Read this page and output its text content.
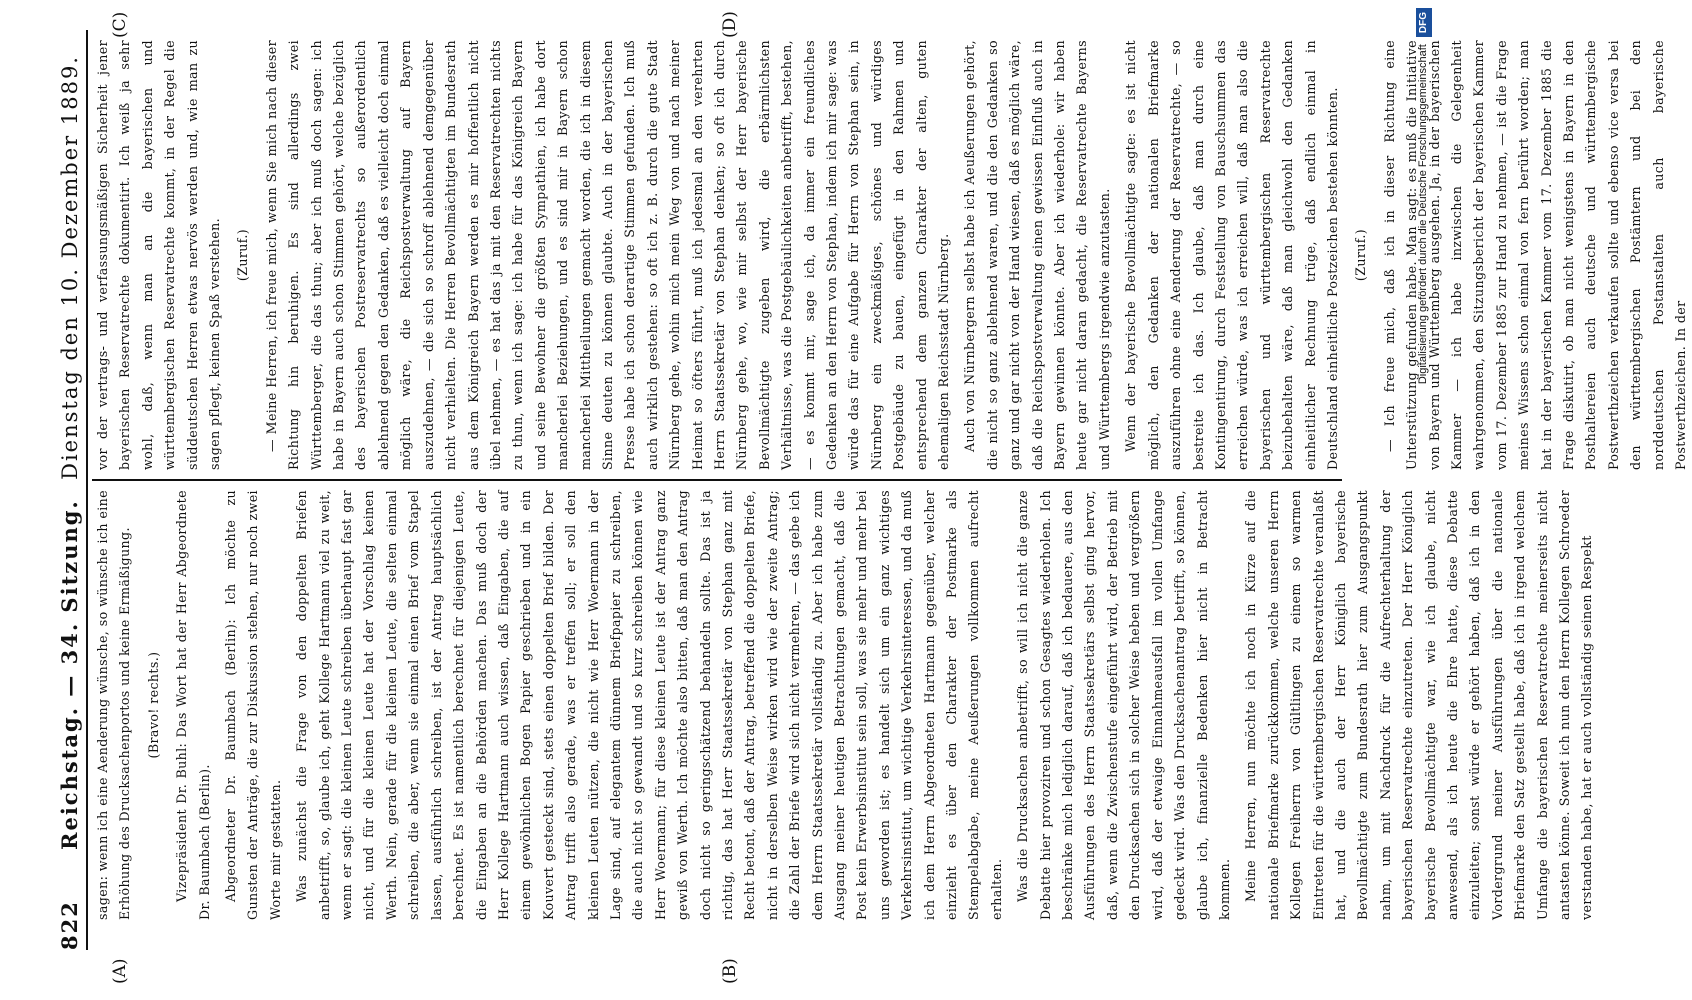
822
Reichstag. — 34. Sitzung.
Dienstag den 10. Dezember 1889.
(A)	(B)
(C)	(D)

sagen: wenn ich eine Aenderung wünsche, so wünsche ich eine Erhöhung des Drucksachenportos und keine Ermäßigung.	(Bravo! rechts.)	Vizepräsident Dr. Buhl: Das Wort hat der Herr Abgeordnete Dr. Baumbach (Berlin). Abgeordneter Dr. Baumbach (Berlin): Ich möchte zu Gunsten der Anträge, die zur Diskussion stehen, nur noch zwei Worte mir gestatten. Was zunächst die Frage von den doppelten Briefen anbetrifft, so, glaube ich, geht Kollege Hartmann viel zu weit, wenn er sagt: die kleinen Leute schreiben überhaupt fast gar nicht, und für die kleinen Leute hat der Vorschlag keinen Werth. Nein, gerade für die kleinen Leute, die selten einmal schreiben, die aber, wenn sie einmal einen Brief vom Stapel lassen, ausführlich schreiben, ist der Antrag hauptsächlich berechnet. Es ist namentlich berechnet für diejenigen Leute, die Eingaben an die Behörden machen. Das muß doch der Herr Kollege Hartmann auch wissen, daß Eingaben, die auf einem gewöhnlichen Bogen Papier geschrieben und in ein Kouvert gesteckt sind, stets einen doppelten Brief bilden. Der Antrag trifft also gerade, was er treffen soll; er soll den kleinen Leuten nützen, die nicht wie Herr Woermann in der Lage sind, auf elegantem dünnem Briefpapier zu schreiben, die auch nicht so gewandt und so kurz schreiben können wie Herr Woermann; für diese kleinen Leute ist der Antrag ganz gewiß von Werth. Ich möchte also bitten, daß man den Antrag doch nicht so geringschätzend behandeln sollte. Das ist ja richtig, das hat Herr Staatssekretär von Stephan ganz mit Recht betont, daß der Antrag, betreffend die doppelten Briefe, nicht in derselben Weise wirken wird wie der zweite Antrag; die Zahl der Briefe wird sich nicht vermehren, — das gebe ich dem Herrn Staatssekretär vollständig zu. Aber ich habe zum Ausgang meiner heutigen Betrachtungen gemacht, daß die Post kein Erwerbsinstitut sein soll, was sie mehr und mehr bei uns geworden ist; es handelt sich um ein ganz wichtiges Verkehrsinstitut, um wichtige Verkehrsinteressen, und da muß ich dem Herrn Abgeordneten Hartmann gegenüber, welcher einzieht es über den Charakter der Postmarke als Stempelabgabe, meine Aeußerungen vollkommen aufrecht erhalten. Was die Drucksachen anbetrifft, so will ich nicht die ganze Debatte hier provoziren und schon Gesagtes wiederholen. Ich beschränke mich lediglich darauf, daß ich bedauere, aus den Ausführungen des Herrn Staatssekretärs selbst ging hervor, daß, wenn die Zwischenstufe eingeführt wird, der Betrieb mit den Drucksachen sich in solcher Weise heben und vergrößern wird, daß der etwaige Einnahmeausfall im vollen Umfange gedeckt wird. Was den Drucksachenantrag betrifft, so können, glaube ich, finanzielle Bedenken hier nicht in Betracht kommen. Meine Herren, nun möchte ich noch in Kürze auf die nationale Briefmarke zurückkommen, welche unseren Herrn Kollegen Freiherrn von Gültlingen zu einem so warmen Eintreten für die württembergischen Reservatrechte veranlaßt hat, und die auch der Herr Königlich bayerische Bevollmächtigte zum Bundesrath hier zum Ausgangspunkt nahm, um mit Nachdruck für die Aufrechterhaltung der bayerischen Reservatrechte einzutreten. Der Herr Königlich bayerische Bevollmächtigte war, wie ich glaube, nicht anwesend, als ich heute die Ehre hatte, diese Debatte einzuleiten; sonst würde er gehört haben, daß ich in den Vordergrund meiner Ausführungen über die nationale Briefmarke den Satz gestellt habe, daß ich in irgend welchem Umfange die bayerischen Reservatrechte meinerseits nicht antasten könne. Soweit ich nun den Herrn Kollegen Schroeder verstanden habe, hat er auch vollständig seinen Respekt

vor der vertrags- und verfassungsmäßigen Sicherheit jener bayerischen Reservatrechte dokumentirt. Ich weiß ja sehr wohl, daß, wenn man an die bayerischen und württembergischen Reservatrechte kommt, in der Regel die süddeutschen Herren etwas nervös werden und, wie man zu sagen pflegt, keinen Spaß verstehen.	(Zuruf.)	— Meine Herren, ich freue mich, wenn Sie mich nach dieser Richtung hin beruhigen. Es sind allerdings zwei Württemberger, die das thun; aber ich muß doch sagen: ich habe in Bayern auch schon Stimmen gehört, welche bezüglich des bayerischen Postreservatrechts so außerordentlich ablehnend gegen den Gedanken, daß es vielleicht doch einmal möglich wäre, die Reichspostverwaltung auf Bayern auszudehnen, — die sich so schroff ablehnend demgegenüber nicht verhielten. Die Herren Bevollmächtigten im Bundesrath aus dem Königreich Bayern werden es mir hoffentlich nicht übel nehmen, — es hat das ja mit den Reservatrechten nichts zu thun, wenn ich sage: ich habe für das Königreich Bayern und seine Bewohner die größten Sympathien, ich habe dort mancherlei Beziehungen, und es sind mir in Bayern schon mancherlei Mittheilungen gemacht worden, die ich in diesem Sinne deuten zu können glaubte. Auch in der bayerischen Presse habe ich schon derartige Stimmen gefunden. Ich muß auch wirklich gestehen: so oft ich z. B. durch die gute Stadt Nürnberg gehe, wohin mich mein Weg von und nach meiner Heimat so öfters führt, muß ich jedesmal an den verehrten Herrn Staatssekretär von Stephan denken; so oft ich durch Nürnberg gehe, wo, wie mir selbst der Herr bayerische Bevollmächtigte zugeben wird, die erbärmlichsten Verhältnisse, was die Postgebäulichkeiten anbetrifft, bestehen, — es kommt mir, sage ich, da immer ein freundliches Gedenken an den Herrn von Stephan, indem ich mir sage: was würde das für eine Aufgabe für Herrn von Stephan sein, in Nürnberg ein zweckmäßiges, schönes und würdiges Postgebäude zu bauen, eingefügt in den Rahmen und entsprechend dem ganzen Charakter der alten, guten ehemaligen Reichsstadt Nürnberg. Auch von Nürnbergern selbst habe ich Aeußerungen gehört, die nicht so ganz ablehnend waren, und die den Gedanken so ganz und gar nicht von der Hand wiesen, daß es möglich wäre, daß die Reichspostverwaltung einen gewissen Einfluß auch in Bayern gewinnen könnte. Aber ich wiederhole: wir haben heute gar nicht daran gedacht, die Reservatrechte Bayerns und Württembergs irgendwie anzutasten. Wenn der bayerische Bevollmächtigte sagte: es ist nicht möglich, den Gedanken der nationalen Briefmarke auszuführen ohne eine Aenderung der Reservatrechte, — so bestreite ich das. Ich glaube, daß man durch eine Kontingentirung, durch Feststellung von Bauschsummen das erreichen würde, was ich erreichen will, daß man also die bayerischen und württembergischen Reservatrechte beizubehalten wäre, daß man gleichwohl den Gedanken einheitlicher Rechnung trüge, daß endlich einmal in Deutschland einheitliche Postzeichen bestehen könnten.	(Zuruf.)	— Ich freue mich, daß ich in dieser Richtung eine Unterstützung gefunden habe. Man sagt: es muß die Initiative von Bayern und Württemberg ausgehen. Ja, in der bayerischen Kammer — ich habe inzwischen die Gelegenheit wahrgenommen, den Sitzungsbericht der bayerischen Kammer vom 17. Dezember 1885 zur Hand zu nehmen, — ist die Frage meines Wissens schon einmal von fern berührt worden; man hat in der bayerischen Kammer vom 17. Dezember 1885 die Frage diskutirt, ob man nicht wenigstens in Bayern in den Posthaltereien auch deutsche und württembergische Postwerthzeichen verkaufen sollte und ebenso vice versa bei den württembergischen Postämtern und bei den norddeutschen Postanstalten auch bayerische Postwerthzeichen. In der

Digitalisierung gefördert durch die Deutsche Forschungsgemeinschaft DFG
